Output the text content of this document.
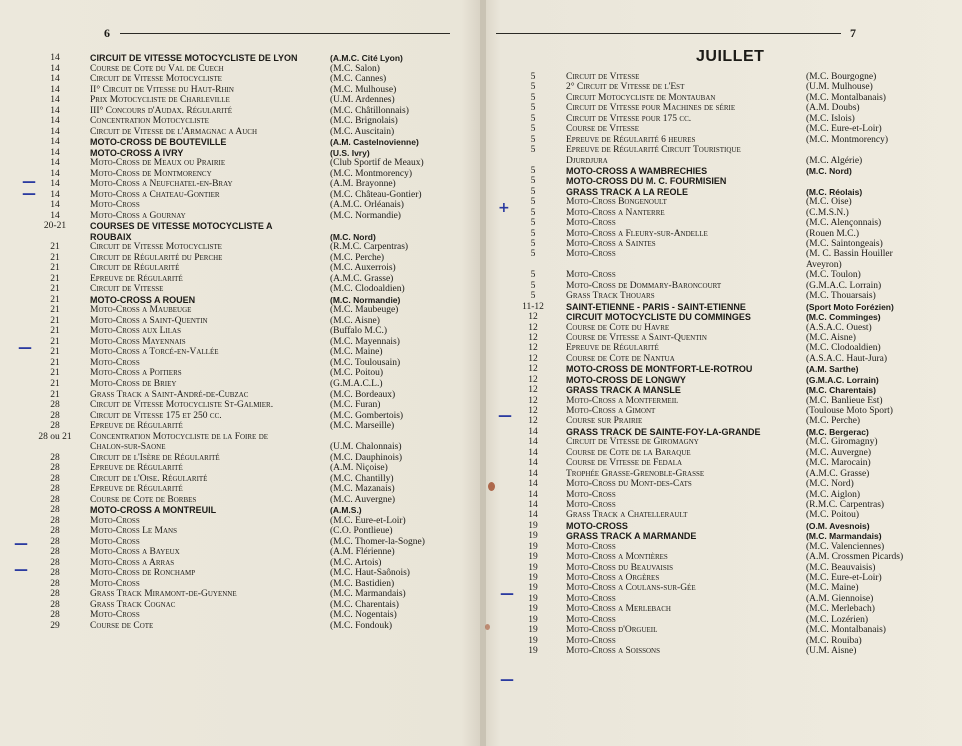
6
14	CIRCUIT DE VITESSE MOTOCYCLISTE DE LYON	(A.M.C. Cité Lyon)
14	Course de Cote du Val de Cuech	(M.C. Salon)
14	Circuit de Vitesse Motocycliste	(M.C. Cannes)
14	II° Circuit de Vitesse du Haut-Rhin	(M.C. Mulhouse)
14	Prix Motocycliste de Charleville	(U.M. Ardennes)
14	III° Concours d'Audax. Régularité	(M.C. Châtillonnais)
14	Concentration Motocycliste	(M.C. Brignolais)
14	Circuit de Vitesse de l'Armagnac a Auch	(M.C. Auscitain)
14	MOTO-CROSS DE BOUTEVILLE	(A.M. Castelnovienne)
14	MOTO-CROSS A IVRY	(U.S. Ivry)
14	Moto-Cross de Meaux ou Prairie	(Club Sportif de Meaux)
14	Moto-Cross de Montmorency	(M.C. Montmorency)
14	Moto-Cross a Neufchatel-en-Bray	(A.M. Brayonne)
14	Moto-Cross a Chateau-Gontier	(M.C. Château-Gontier)
14	Moto-Cross	(A.M.C. Orléanais)
14	Moto-Cross a Gournay	(M.C. Normandie)
20-21	COURSES DE VITESSE MOTOCYCLISTE A
ROUBAIX	(M.C. Nord)
21	Circuit de Vitesse Motocycliste	(R.M.C. Carpentras)
21	Circuit de Régularité du Perche	(M.C. Perche)
21	Circuit de Régularité	(M.C. Auxerrois)
21	Epreuve de Régularité	(A.M.C. Grasse)
21	Circuit de Vitesse	(M.C. Clodoaldien)
21	MOTO-CROSS A ROUEN	(M.C. Normandie)
21	Moto-Cross a Maubeuge	(M.C. Maubeuge)
21	Moto-Cross a Saint-Quentin	(M.C. Aisne)
21	Moto-Cross aux Lilas	(Buffalo M.C.)
21	Moto-Cross Mayennais	(M.C. Mayennais)
21	Moto-Cross a Torcé-en-Vallée	(M.C. Maine)
21	Moto-Cross	(M.C. Toulousain)
21	Moto-Cross a Poitiers	(M.C. Poitou)
21	Moto-Cross de Briey	(G.M.A.C.L.)
21	Grass Track a Saint-André-de-Cubzac	(M.C. Bordeaux)
28	Circuit de Vitesse Motocycliste St-Galmier.	(M.C. Furan)
28	Circuit de Vitesse 175 et 250 cc.	(M.C. Gombertois)
28	Epreuve de Régularité	(M.C. Marseille)
28 ou 21	Concentration Motocycliste de la Foire de
Chalon-sur-Saone	(U.M. Chalonnais)
28	Circuit de l'Isère de Régularité	(M.C. Dauphinois)
28	Epreuve de Régularité	(A.M. Niçoise)
28	Circuit de l'Oise. Régularité	(M.C. Chantilly)
28	Epreuve de Régularité	(M.C. Mazanais)
28	Course de Cote de Borbes	(M.C. Auvergne)
28	MOTO-CROSS A MONTREUIL	(A.M.S.)
28	Moto-Cross	(M.C. Eure-et-Loir)
28	Moto-Cross Le Mans	(C.O. Pontlieue)
28	Moto-Cross	(M.C. Thomer-la-Sogne)
28	Moto-Cross a Bayeux	(A.M. Flérienne)
28	Moto-Cross a Arras	(M.C. Artois)
28	Moto-Cross de Ronchamp	(M.C. Haut-Saônois)
28	Moto-Cross	(M.C. Bastidien)
28	Grass Track Miramont-de-Guyenne	(M.C. Marmandais)
28	Grass Track Cognac	(M.C. Charentais)
28	Moto-Cross	(M.C. Nogentais)
29	Course de Cote	(M.C. Fondouk)
—
—
—
—
—
7
JUILLET
5	Circuit de Vitesse	(M.C. Bourgogne)
5	2° Circuit de Vitesse de l'Est	(U.M. Mulhouse)
5	Circuit Motocycliste de Montauban	(M.C. Montalbanais)
5	Circuit de Vitesse pour Machines de série	(A.M. Doubs)
5	Circuit de Vitesse pour 175 cc.	(M.C. Islois)
5	Course de Vitesse	(M.C. Eure-et-Loir)
5	Epreuve de Régularité 6 heures	(M.C. Montmorency)
5	Epreuve de Régularité Circuit Touristique
Djurdjura	(M.C. Algérie)
5	MOTO-CROSS A WAMBRECHIES	(M.C. Nord)
5	MOTO-CROSS DU M. C. FOURMISIEN
5	GRASS TRACK A LA REOLE	(M.C. Réolais)
5	Moto-Cross Bongenoult	(M.C. Oise)
5	Moto-Cross a Nanterre	(C.M.S.N.)
5	Moto-Cross	(M.C. Alençonnais)
5	Moto-Cross a Fleury-sur-Andelle	(Rouen M.C.)
5	Moto-Cross a Saintes	(M.C. Saintongeais)
5	Moto-Cross	(M. C. Bassin Houiller
Aveyron)
5	Moto-Cross	(M.C. Toulon)
5	Moto-Cross de Dommary-Baroncourt	(G.M.A.C. Lorrain)
5	Grass Track Thouars	(M.C. Thouarsais)
11-12	SAINT-ETIENNE - PARIS - SAINT-ETIENNE	(Sport Moto Forézien)
12	CIRCUIT MOTOCYCLISTE DU COMMINGES	(M.C. Comminges)
12	Course de Cote du Havre	(A.S.A.C. Ouest)
12	Course de Vitesse a Saint-Quentin	(M.C. Aisne)
12	Epreuve de Régularité	(M.C. Clodoaldien)
12	Course de Cote de Nantua	(A.S.A.C. Haut-Jura)
12	MOTO-CROSS DE MONTFORT-LE-ROTROU	(A.M. Sarthe)
12	MOTO-CROSS DE LONGWY	(G.M.A.C. Lorrain)
12	GRASS TRACK A MANSLE	(M.C. Charentais)
12	Moto-Cross a Montfermeil	(M.C. Banlieue Est)
12	Moto-Cross a Gimont	(Toulouse Moto Sport)
12	Course sur Prairie	(M.C. Perche)
14	GRASS TRACK DE SAINTE-FOY-LA-GRANDE	(M.C. Bergerac)
14	Circuit de Vitesse de Giromagny	(M.C. Giromagny)
14	Course de Cote de la Baraque	(M.C. Auvergne)
14	Course de Vitesse de Fedala	(M.C. Marocain)
14	Trophée Grasse-Grenoble-Grasse	(A.M.C. Grasse)
14	Moto-Cross du Mont-des-Cats	(M.C. Nord)
14	Moto-Cross	(M.C. Aiglon)
14	Moto-Cross	(R.M.C. Carpentras)
14	Grass Track a Chatellerault	(M.C. Poitou)
19	MOTO-CROSS	(O.M. Avesnois)
19	GRASS TRACK A MARMANDE	(M.C. Marmandais)
19	Moto-Cross	(M.C. Valenciennes)
19	Moto-Cross a Montières	(A.M. Crossmen Picards)
19	Moto-Cross du Beauvaisis	(M.C. Beauvaisis)
19	Moto-Cross a Orgères	(M.C. Eure-et-Loir)
19	Moto-Cross a Coulans-sur-Gée	(M.C. Maine)
19	Moto-Cross	(A.M. Giennoise)
19	Moto-Cross a Merlebach	(M.C. Merlebach)
19	Moto-Cross	(M.C. Lozérien)
19	Moto-Cross d'Orgueil	(M.C. Montalbanais)
19	Moto-Cross	(M.C. Rouiba)
19	Moto-Cross a Soissons	(U.M. Aisne)
+
—
—
—
